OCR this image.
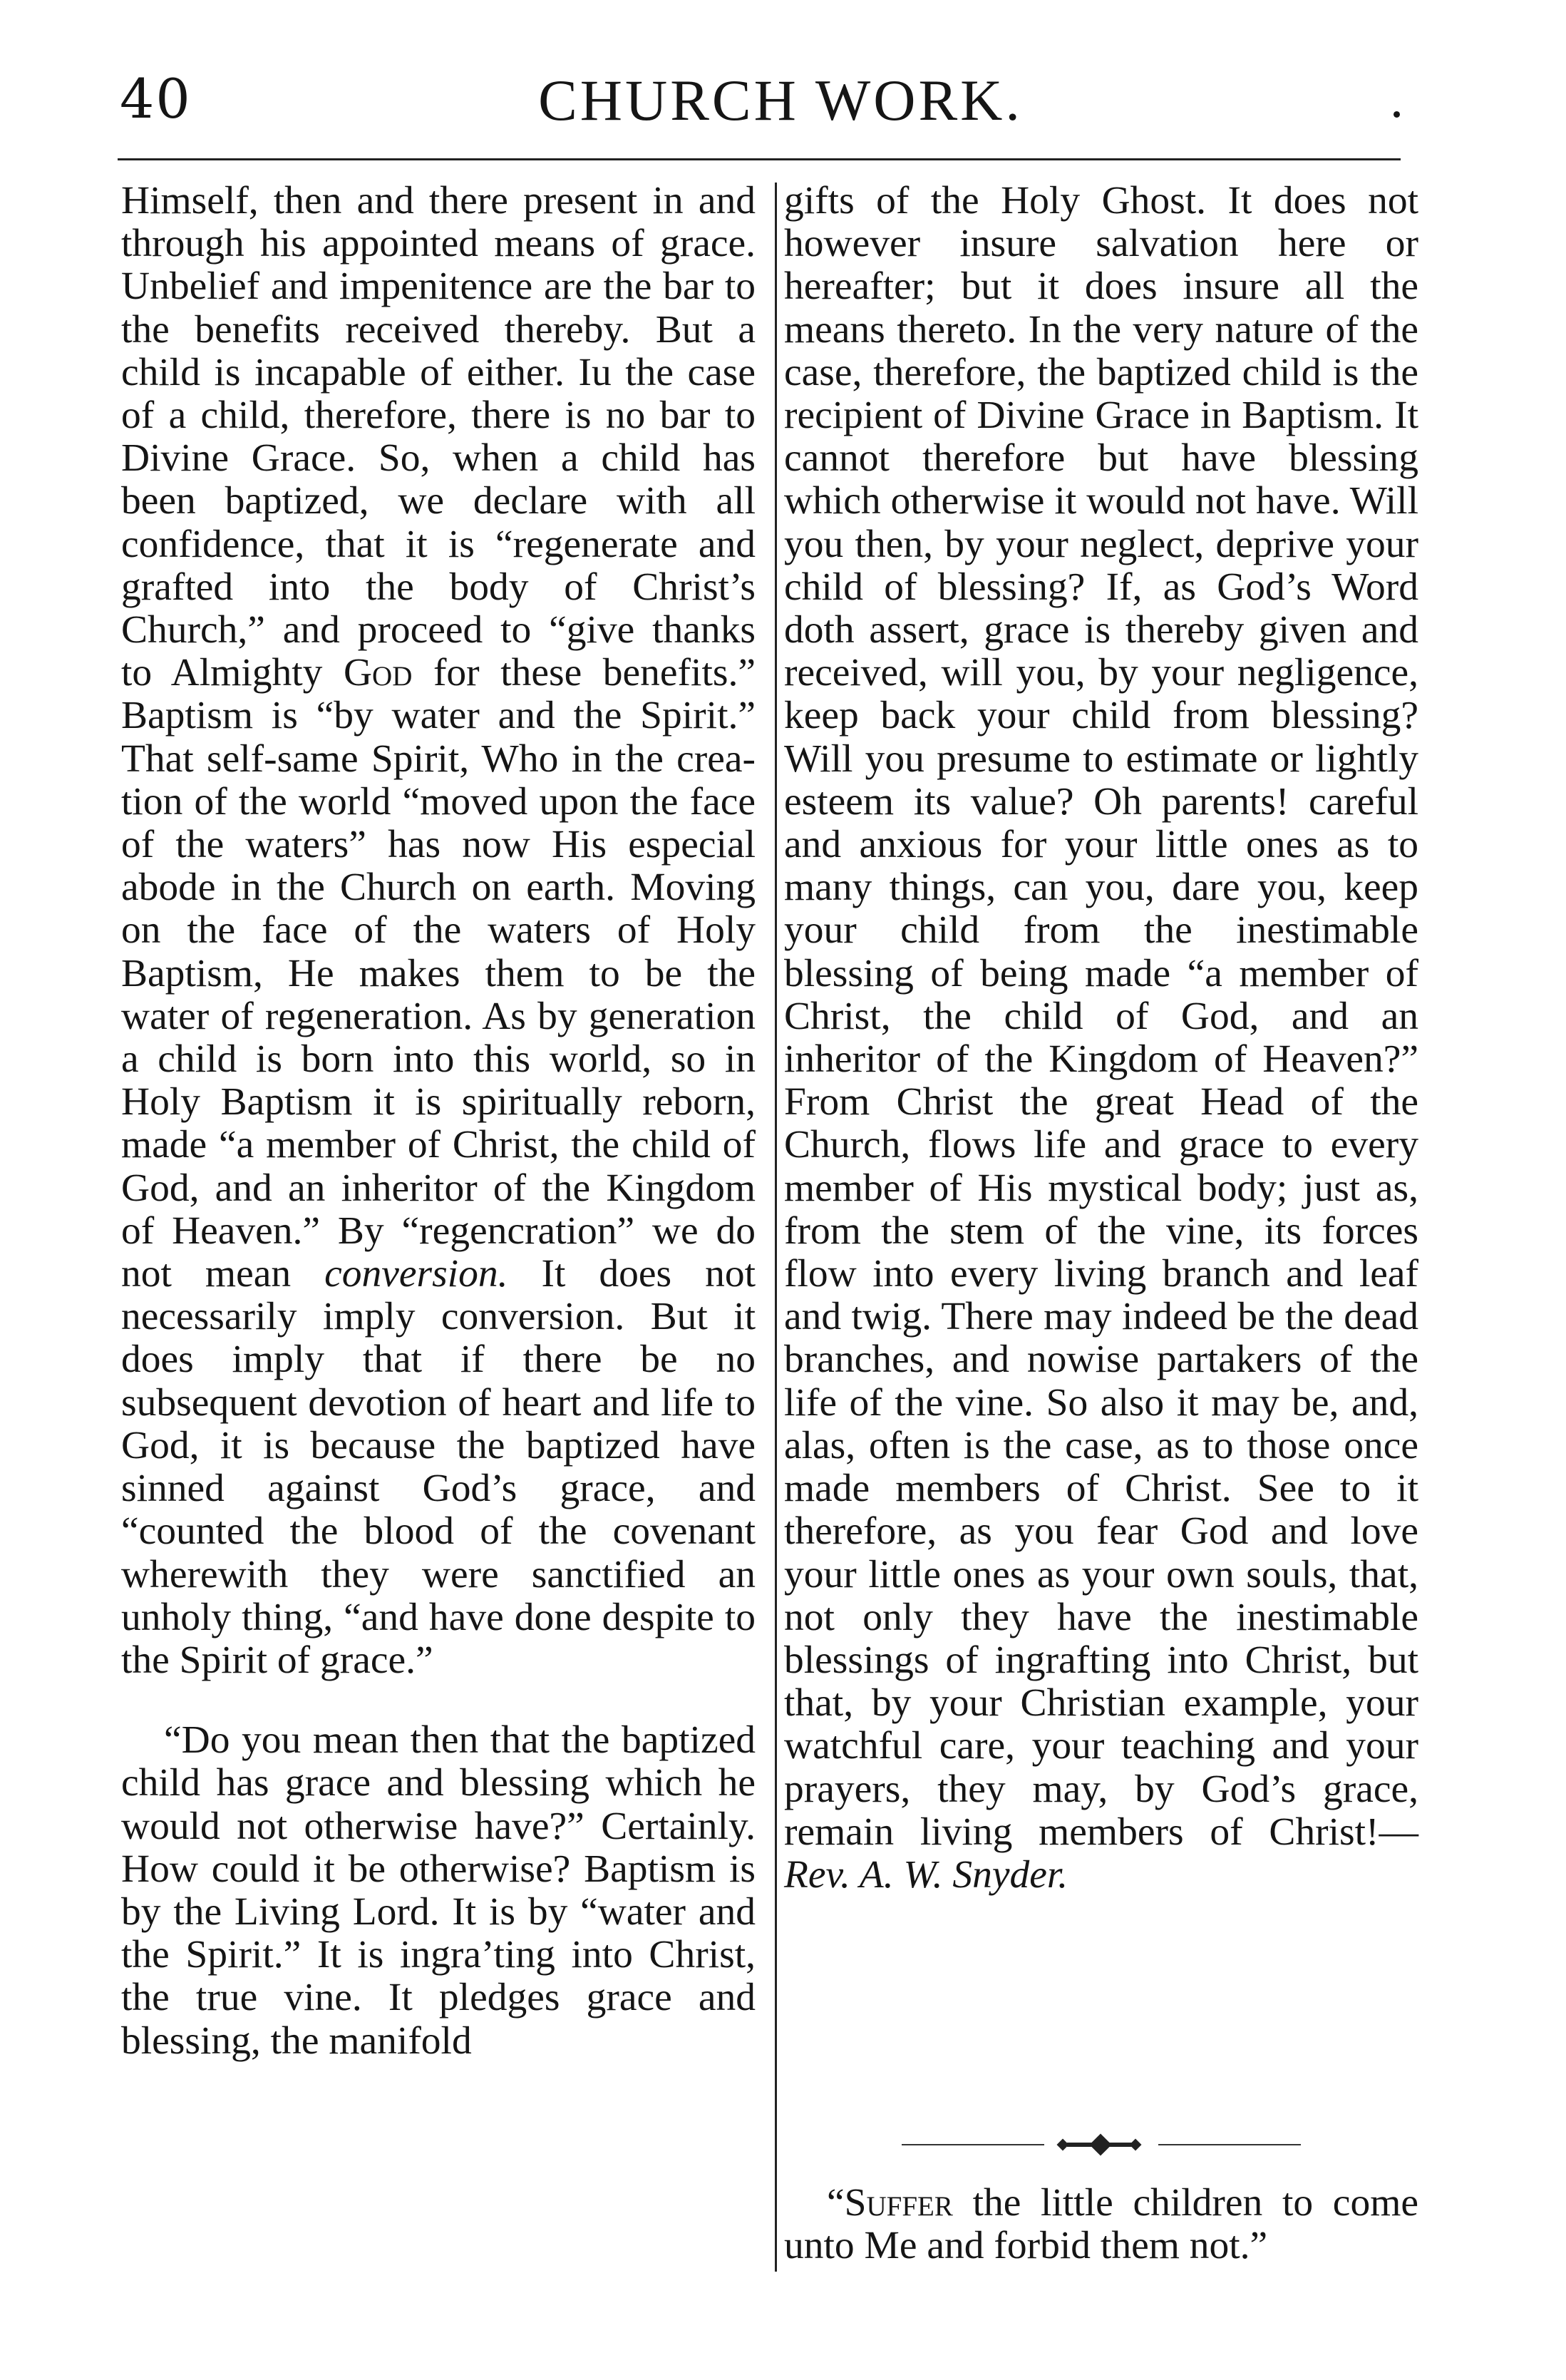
40	CHURCH WORK.	.

Himself, then and there present in and through his appointed means of grace. Unbelief and impenitence are the bar to the benefits received thereby. But a child is incapable of either. Iu the case of a child, therefore, there is no bar to Divine Grace. So, when a child has been baptized, we declare with all confidence, that it is “regenerate and grafted into the body of Christ’s Church,” and proceed to “give thanks to Almighty God for these benefits.” Baptism is “by water and the Spirit.” That self-same Spirit, Who in the creation of the world “moved upon the face of the waters” has now His especial abode in the Church on earth. Moving on the face of the waters of Holy Baptism, He makes them to be the water of regeneration. As by generation a child is born into this world, so in Holy Baptism it is spiritually reborn, made “a member of Christ, the child of God, and an inheritor of the Kingdom of Heaven.” By “regencration” we do not mean conversion. It does not necessarily imply conversion. But it does imply that if there be no subsequent devotion of heart and life to God, it is because the baptized have sinned against God’s grace, and “counted the blood of the covenant wherewith they were sanctified an unholy thing, “and have done despite to the Spirit of grace.”

“Do you mean then that the baptized child has grace and blessing which he would not otherwise have?” Certainly. How could it be otherwise? Baptism is by the Living Lord. It is by “water and the Spirit.” It is ingra’ting into Christ, the true vine. It pledges grace and blessing, the manifold

gifts of the Holy Ghost. It does not however insure salvation here or hereafter; but it does insure all the means thereto. In the very nature of the case, therefore, the baptized child is the recipient of Divine Grace in Baptism. It cannot therefore but have blessing which otherwise it would not have. Will you then, by your neglect, deprive your child of blessing? If, as God’s Word doth assert, grace is thereby given and received, will you, by your negligence, keep back your child from blessing? Will you presume to estimate or lightly esteem its value? Oh parents! careful and anxious for your little ones as to many things, can you, dare you, keep your child from the inestimable blessing of being made “a member of Christ, the child of God, and an inheritor of the Kingdom of Heaven?” From Christ the great Head of the Church, flows life and grace to every member of His mystical body; just as, from the stem of the vine, its forces flow into every living branch and leaf and twig. There may indeed be the dead branches, and nowise partakers of the life of the vine. So also it may be, and, alas, often is the case, as to those once made members of Christ. See to it therefore, as you fear God and love your little ones as your own souls, that, not only they have the inestimable blessings of ingrafting into Christ, but that, by your Christian example, your watchful care, your teaching and your prayers, they may, by God’s grace, remain living members of Christ!—Rev. A. W. Snyder.

“Suffer the little children to come unto Me and forbid them not.”
